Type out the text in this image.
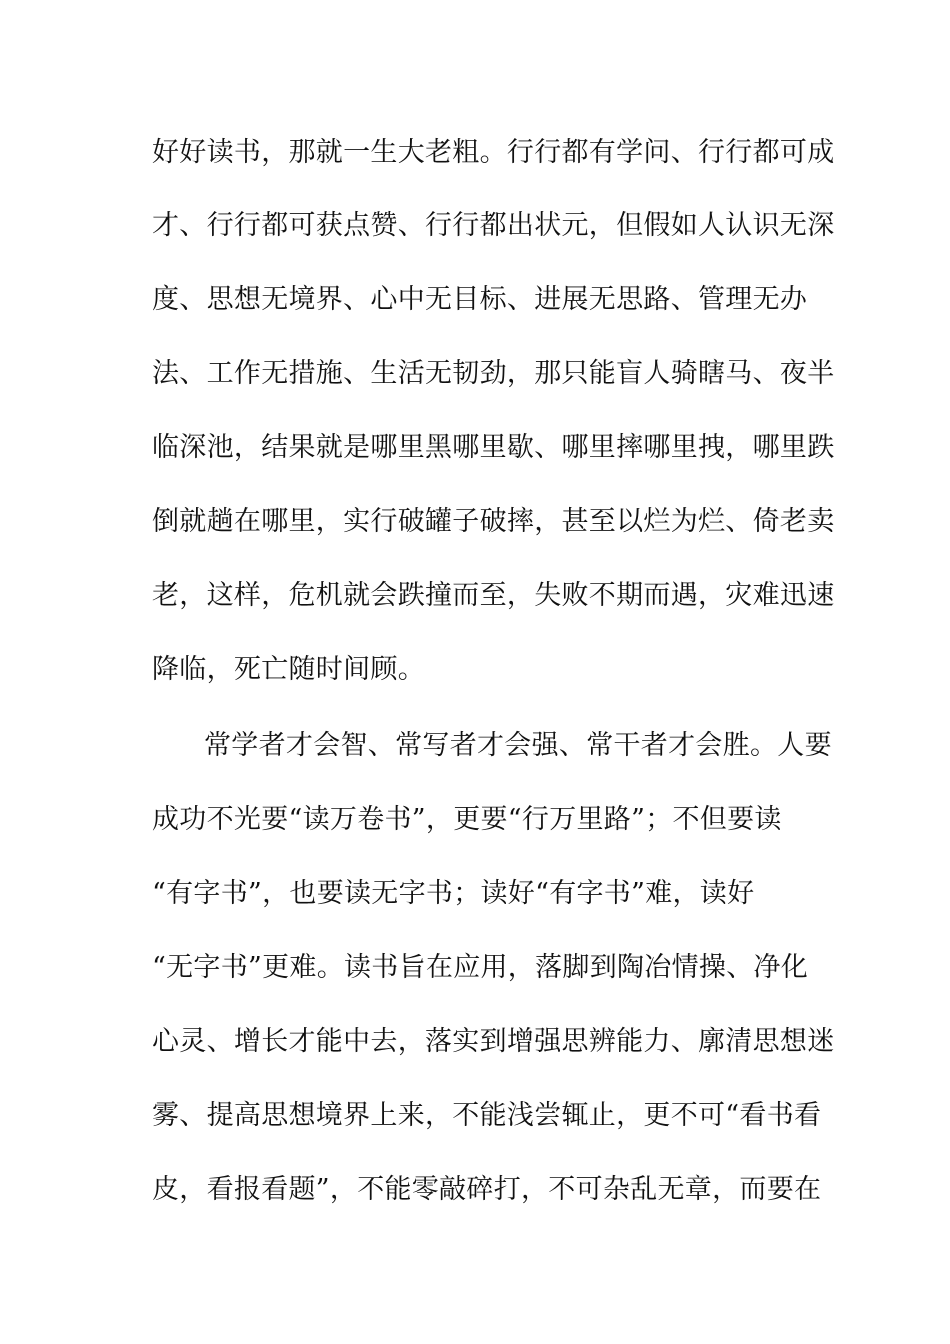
好好读书，那就一生大老粗。行行都有学问、行行都可成
才、行行都可获点赞、行行都出状元，但假如人认识无深
度、思想无境界、心中无目标、进展无思路、管理无办
法、工作无措施、生活无韧劲，那只能盲人骑瞎马、夜半
临深池，结果就是哪里黑哪里歇、哪里摔哪里拽，哪里跌
倒就趟在哪里，实行破罐子破摔，甚至以烂为烂、倚老卖
老，这样，危机就会跌撞而至，失败不期而遇，灾难迅速
降临，死亡随时间顾。
常学者才会智、常写者才会强、常干者才会胜。人要
成功不光要“读万卷书”，更要“行万里路”；不但要读
“有字书”，也要读无字书；读好“有字书”难，读好
“无字书”更难。读书旨在应用，落脚到陶冶情操、净化
心灵、增长才能中去，落实到增强思辨能力、廓清思想迷
雾、提高思想境界上来，不能浅尝辄止，更不可“看书看
皮，看报看题”，不能零敲碎打，不可杂乱无章，而要在
